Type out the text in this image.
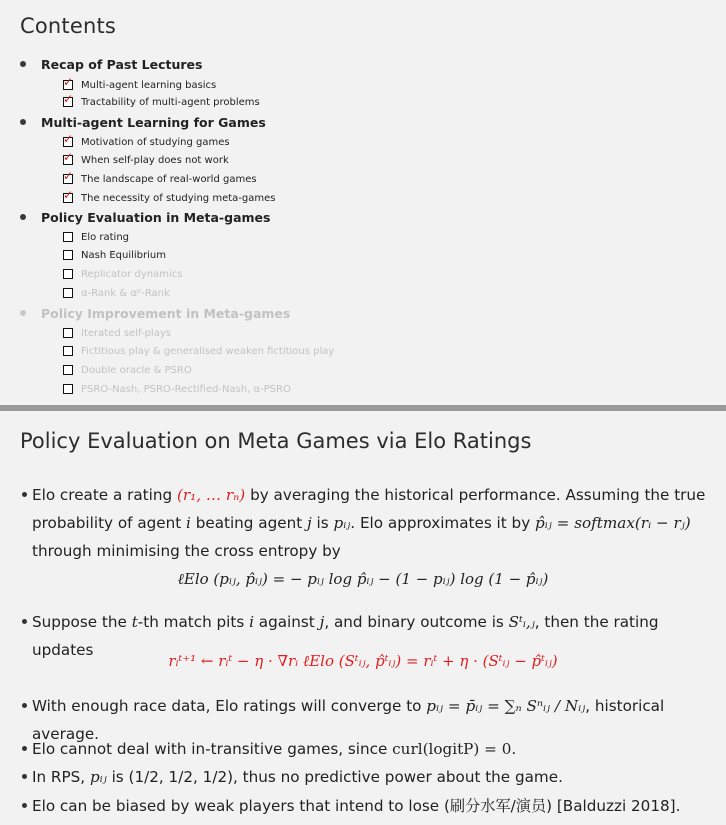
Contents
Recap of Past Lectures
✓ Multi-agent learning basics
✓ Tractability of multi-agent problems
Multi-agent Learning for Games
✓ Motivation of studying games
✓ When self-play does not work
✓ The landscape of real-world games
✓ The necessity of studying meta-games
Policy Evaluation in Meta-games
Elo rating
Nash Equilibrium
Replicator dynamics
α-Rank & αᵖ-Rank
Policy Improvement in Meta-games
Iterated self-plays
Fictitious play & generalised weaken fictitious play
Double oracle & PSRO
PSRO-Nash, PSRO-Rectified-Nash, α-PSRO
Policy Evaluation on Meta Games via Elo Ratings
Elo create a rating (r₁, … rₙ) by averaging the historical performance. Assuming the true
probability of agent i beating agent j is pᵢⱼ. Elo approximates it by p̂ᵢⱼ = softmax(rᵢ − rⱼ)
through minimising the cross entropy by
ℓElo (pᵢⱼ, p̂ᵢⱼ) = − pᵢⱼ log p̂ᵢⱼ − (1 − pᵢⱼ) log (1 − p̂ᵢⱼ)
Suppose the t-th match pits i against j, and binary outcome is Sᵗᵢ,ⱼ, then the rating updates
rᵢᵗ⁺¹ ← rᵢᵗ − η · ∇rᵢ ℓElo (Sᵗᵢⱼ, p̂ᵗᵢⱼ) = rᵢᵗ + η · (Sᵗᵢⱼ − p̂ᵗᵢⱼ)
With enough race data, Elo ratings will converge to pᵢⱼ = p̄ᵢⱼ = ∑ₙ Sⁿᵢⱼ / Nᵢⱼ, historical average.
Elo cannot deal with in-transitive games, since curl(logitP) = 0.
In RPS, pᵢⱼ is (1/2, 1/2, 1/2), thus no predictive power about the game.
Elo can be biased by weak players that intend to lose (刷分水军/演员) [Balduzzi 2018].
